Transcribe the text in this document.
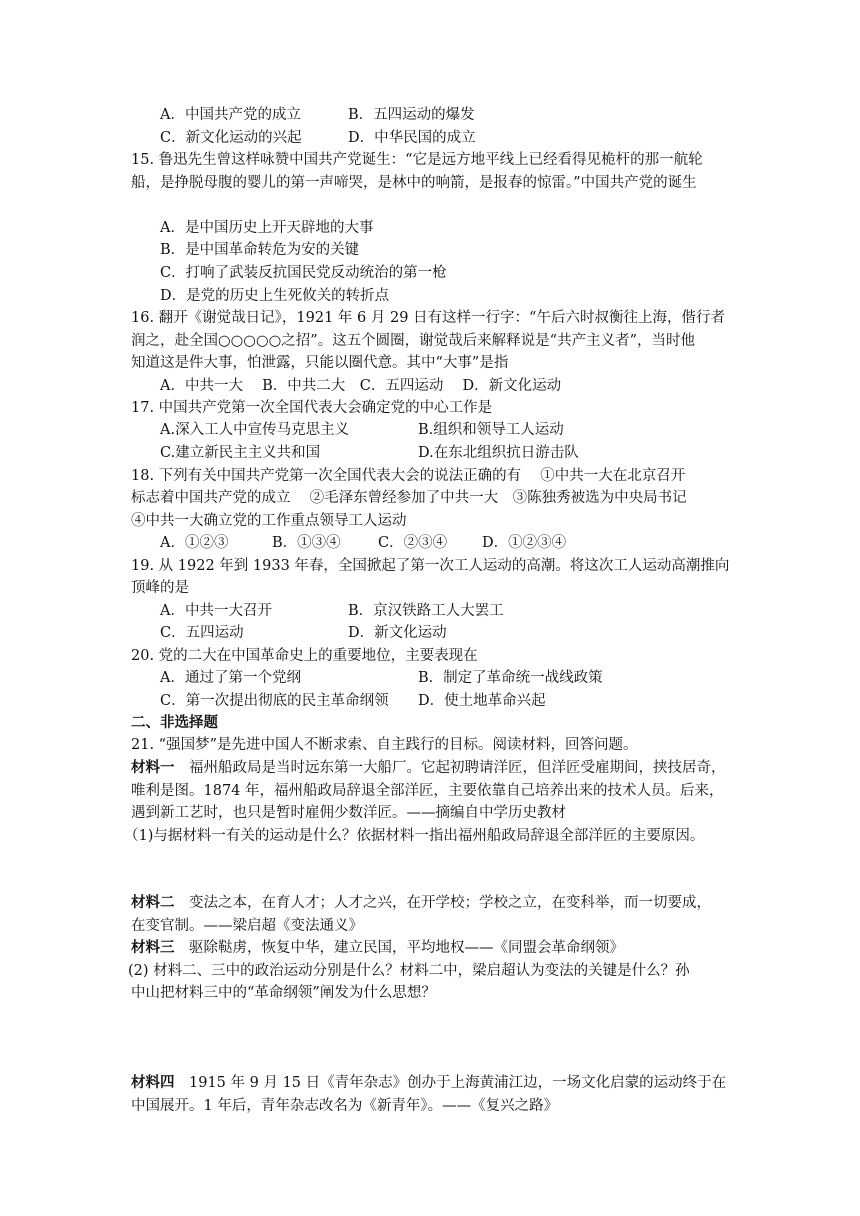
A．中国共产党的成立	B．五四运动的爆发
C．新文化运动的兴起	D．中华民国的成立
15. 鲁迅先生曾这样咏赞中国共产党诞生：“它是远方地平线上已经看得见桅杆的那一航轮
船，是挣脱母腹的婴儿的第一声啼哭，是林中的响箭，是报春的惊雷。”中国共产党的诞生
A．是中国历史上开天辟地的大事
B．是中国革命转危为安的关键
C．打响了武装反抗国民党反动统治的第一枪
D．是党的历史上生死攸关的转折点
16. 翻开《谢觉哉日记》，1921 年 6 月 29 日有这样一行字：“午后六时叔衡往上海，偕行者
润之，赴全国○○○○○之招”。这五个圆圈，谢觉哉后来解释说是“共产主义者”，当时他
知道这是件大事，怕泄露，只能以圈代意。其中“大事”是指
A．中共一大　 B．中共二大　C．五四运动　 D．新文化运动
17. 中国共产党第一次全国代表大会确定党的中心工作是
A.深入工人中宣传马克思主义	B.组织和领导工人运动
C.建立新民主主义共和国	D.在东北组织抗日游击队
18. 下列有关中国共产党第一次全国代表大会的说法正确的有　 ①中共一大在北京召开
标志着中国共产党的成立　 ②毛泽东曾经参加了中共一大　③陈独秀被选为中央局书记
④中共一大确立党的工作重点领导工人运动
A．①②③	B．①③④	C．②③④ D．①②③④
19. 从 1922 年到 1933 年春，全国掀起了第一次工人运动的高潮。将这次工人运动高潮推向
顶峰的是
A．中共一大召开	B．京汉铁路工人大罢工
C．五四运动	D．新文化运动
20. 党的二大在中国革命史上的重要地位，主要表现在
A．通过了第一个党纲	B．制定了革命统一战线政策
C．第一次提出彻底的民主革命纲领 D．使土地革命兴起
二、非选择题
21. “强国梦”是先进中国人不断求索、自主践行的目标。阅读材料，回答问题。
材料一　福州船政局是当时远东第一大船厂。它起初聘请洋匠，但洋匠受雇期间，挟技居奇，
唯利是图。1874 年，福州船政局辞退全部洋匠，主要依靠自己培养出来的技术人员。后来，
遇到新工艺时，也只是暂时雇佣少数洋匠。——摘编自中学历史教材
（1)与据材料一有关的运动是什么？依据材料一指出福州船政局辞退全部洋匠的主要原因。
材料二　变法之本，在育人才；人才之兴，在开学校；学校之立，在变科举，而一切要成，
在变官制。——梁启超《变法通义》
材料三　驱除鞑虏，恢复中华，建立民国，平均地权——《同盟会革命纲领》
(2) 材料二、三中的政治运动分别是什么？材料二中，梁启超认为变法的关键是什么？孙
中山把材料三中的“革命纲领”阐发为什么思想？
材料四　1915 年 9 月 15 日《青年杂志》创办于上海黄浦江边，一场文化启蒙的运动终于在
中国展开。1 年后，青年杂志改名为《新青年》。——《复兴之路》
